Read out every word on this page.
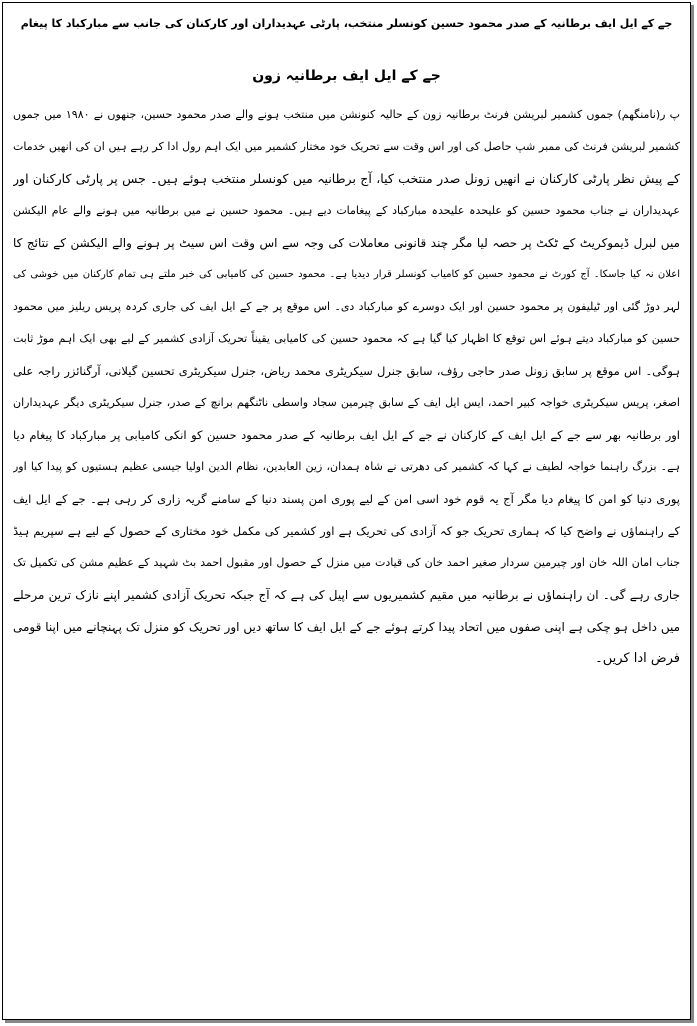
جے کے ایل ایف برطانیہ کے صدر محمود حسین کونسلر منتخب، پارٹی عہدیداران اور کارکنان کی جانب سے مبارکباد کا پیغام
جے کے ایل ایف برطانیہ زون
پ ر(نامنگھم) جموں کشمیر لبریشن فرنٹ برطانیہ زون کے حالیہ کنونشن میں منتخب ہونے والے صدر محمود حسین، جنھوں نے ۱۹۸۰ میں جموں
کشمیر لبریشن فرنٹ کی ممبر شپ حاصل کی اور اس وقت سے تحریک خود مختار کشمیر میں ایک اہم رول ادا کر رہے ہیں ان کی انھیں خدمات
کے پیش نظر پارٹی کارکنان نے انھیں زونل صدر منتخب کیا، آج برطانیہ میں کونسلر منتخب ہوئے ہیں۔ جس پر پارٹی کارکنان اور
عہدیداران نے جناب محمود حسین کو علیحدہ علیحدہ مبارکباد کے پیغامات دیے ہیں۔ محمود حسین نے میں برطانیہ میں ہونے والے عام الیکشن
میں لبرل ڈیموکریٹ کے ٹکٹ پر حصہ لیا مگر چند قانونی معاملات کی وجہ سے اس وقت اس سیٹ پر ہونے والے الیکشن کے نتائج کا
اعلان نہ کیا جاسکا۔ آج کورٹ نے محمود حسین کو کامیاب کونسلر قرار دیدیا ہے۔ محمود حسین کی کامیابی کی خبر ملتے ہی تمام کارکنان میں خوشی کی
لہر دوڑ گئی اور ٹیلیفون پر محمود حسین اور ایک دوسرے کو مبارکباد دی۔ اس موقع پر جے کے ایل ایف کی جاری کردہ پریس ریلیز میں محمود
حسین کو مبارکباد دیتے ہوئے اس توقع کا اظہار کیا گیا ہے کہ محمود حسین کی کامیابی یقیناً تحریک آزادی کشمیر کے لیے بھی ایک اہم موڑ ثابت
ہوگی۔ اس موقع پر سابق زونل صدر حاجی رؤف، سابق جنرل سیکریٹری محمد ریاض، جنرل سیکریٹری تحسین گیلانی، آرگنائزر راجہ علی
اصغر، پریس سیکریٹری خواجہ کبیر احمد، ایس ایل ایف کے سابق چیرمین سجاد واسطی ناٹنگھم برانچ کے صدر، جنرل سیکریٹری دیگر عہدیداران
اور برطانیہ بھر سے جے کے ایل ایف کے کارکنان نے جے کے ایل ایف برطانیہ کے صدر محمود حسین کو انکی کامیابی پر مبارکباد کا پیغام دیا
ہے۔ بزرگ راہنما خواجہ لطیف نے کہا کہ کشمیر کی دھرتی نے شاہ ہمدان، زین العابدین، نظام الدین اولیا جیسی عظیم ہستیوں کو پیدا کیا اور
پوری دنیا کو امن کا پیغام دیا مگر آج یہ قوم خود اسی امن کے لیے پوری امن پسند دنیا کے سامنے گریہ زاری کر رہی ہے۔ جے کے ایل ایف
کے راہنماؤں نے واضح کیا کہ ہماری تحریک جو کہ آزادی کی تحریک ہے اور کشمیر کی مکمل خود مختاری کے حصول کے لیے ہے سپریم ہیڈ
جناب امان اللہ خان اور چیرمین سردار صغیر احمد خان کی قیادت میں منزل کے حصول اور مقبول احمد بٹ شہید کے عظیم مشن کی تکمیل تک
جاری رہے گی۔ ان راہنماؤں نے برطانیہ میں مقیم کشمیریوں سے اپیل کی ہے کہ آج جبکہ تحریک آزادی کشمیر اپنے نازک ترین مرحلے
میں داخل ہو چکی ہے اپنی صفوں میں اتحاد پیدا کرتے ہوئے جے کے ایل ایف کا ساتھ دیں اور تحریک کو منزل تک پہنچانے میں اپنا قومی
فرض ادا کریں۔
